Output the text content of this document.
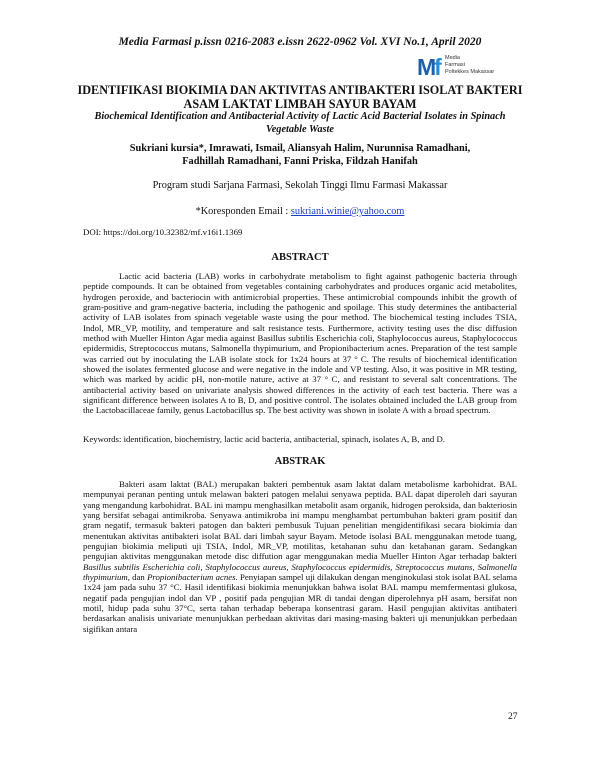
Media Farmasi p.issn 0216-2083 e.issn 2622-0962 Vol. XVI No.1, April 2020
Mf Media
Farmasi
Poltekkes Makassar
IDENTIFIKASI BIOKIMIA DAN AKTIVITAS ANTIBAKTERI ISOLAT BAKTERI
ASAM LAKTAT LIMBAH SAYUR BAYAM
Biochemical Identification and Antibacterial Activity of Lactic Acid Bacterial Isolates in Spinach
Vegetable Waste
Sukriani kursia*, Imrawati, Ismail, Aliansyah Halim, Nurunnisa Ramadhani,
Fadhillah Ramadhani, Fanni Priska, Fildzah Hanifah
Program studi Sarjana Farmasi, Sekolah Tinggi Ilmu Farmasi Makassar
*Koresponden Email : sukriani.winie@yahoo.com
DOI: https://doi.org/10.32382/mf.v16i1.1369
ABSTRACT

Lactic acid bacteria (LAB) works in carbohydrate metabolism to fight against pathogenic bacteria through peptide compounds. It can be obtained from vegetables containing carbohydrates and produces organic acid metabolites, hydrogen peroxide, and bacteriocin with antimicrobial properties. These antimicrobial compounds inhibit the growth of gram-positive and gram-negative bacteria, including the pathogenic and spoilage. This study determines the antibacterial activity of LAB isolates from spinach vegetable waste using the pour method. The biochemical testing includes TSIA, Indol, MR_VP, motility, and temperature and salt resistance tests. Furthermore, activity testing uses the disc diffusion method with Mueller Hinton Agar media against Basillus subtilis Escherichia coli, Staphylococcus aureus, Staphylococcus epidermidis, Streptococcus mutans, Salmonella thypimurium, and Propionibacterium acnes. Preparation of the test sample was carried out by inoculating the LAB isolate stock for 1x24 hours at 37 ° C. The results of biochemical identification showed the isolates fermented glucose and were negative in the indole and VP testing. Also, it was positive in MR testing, which was marked by acidic pH, non-motile nature, active at 37 ° C, and resistant to several salt concentrations. The antibacterial activity based on univariate analysis showed differences in the activity of each test bacteria. There was a significant difference between isolates A to B, D, and positive control. The isolates obtained included the LAB group from the Lactobacillaceae family, genus Lactobacillus sp. The best activity was shown in isolate A with a broad spectrum.

Keywords: identification, biochemistry, lactic acid bacteria, antibacterial, spinach, isolates A, B, and D.
ABSTRAK

Bakteri asam laktat (BAL) merupakan bakteri pembentuk asam laktat dalam metabolisme karbohidrat. BAL mempunyai peranan penting untuk melawan bakteri patogen melalui senyawa peptida. BAL dapat diperoleh dari sayuran yang mengandung karbohidrat. BAL ini mampu menghasilkan metabolit asam organik, hidrogen peroksida, dan bakteriosin yang bersifat sebagai antimikroba. Senyawa antimikroba ini mampu menghambat pertumbuhan bakteri gram positif dan gram negatif, termasuk bakteri patogen dan bakteri pembusuk Tujuan penelitian mengidentifikasi secara biokimia dan menentukan aktivitas antibakteri isolat BAL dari limbah sayur Bayam. Metode isolasi BAL menggunakan metode tuang, pengujian biokimia meliputi uji TSIA, Indol, MR_VP, motilitas, ketahanan suhu dan ketahanan garam. Sedangkan pengujian aktivitas menggunakan metode disc diffution agar menggunakan media Mueller Hinton Agar terhadap bakteri Basillus subtilis Escherichia coli, Staphylococcus aureus, Staphylococcus epidermidis, Streptococcus mutans, Salmonella thypimurium, dan Propionibacterium acnes. Penyiapan sampel uji dilakukan dengan menginokulasi stok isolat BAL selama 1x24 jam pada suhu 37 °C. Hasil identifikasi biokimia menunjukkan bahwa isolat BAL mampu memfermentasi glukosa, negatif pada pengujian indol dan VP , positif pada pengujian MR di tandai dengan diperolehnya pH asam, bersifat non motil, hidup pada suhu 37°C, serta tahan terhadap beberapa konsentrasi garam. Hasil pengujian aktivitas antibateri berdasarkan analisis univariate menunjukkan perbedaan aktivitas dari masing-masing bakteri uji menunjukkan perbedaan sigifikan antara

27
